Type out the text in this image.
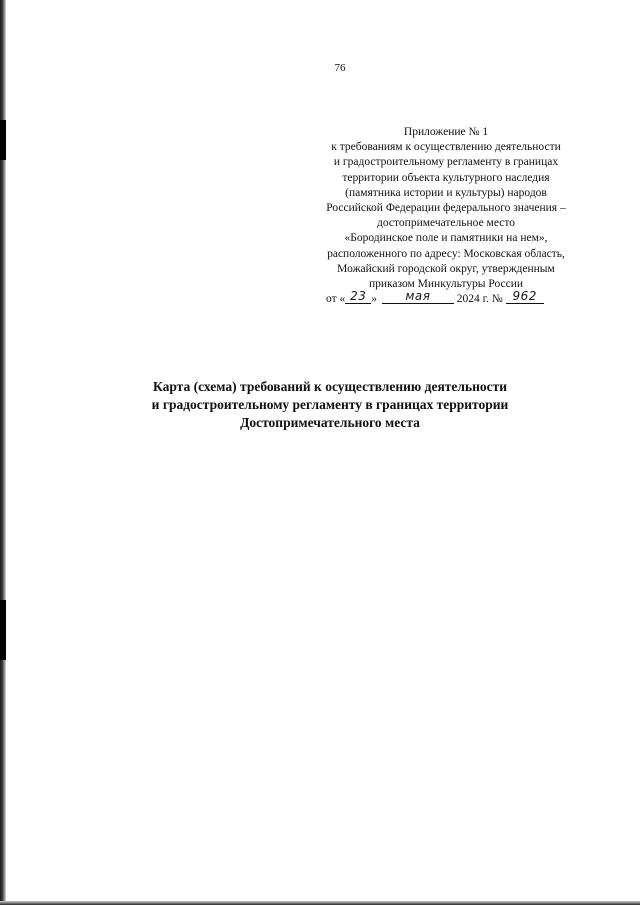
76
Приложение № 1
к требованиям к осуществлению деятельности
и градостроительному регламенту в границах
территории объекта культурного наследия
(памятника истории и культуры) народов
Российской Федерации федерального значения –
достопримечательное место
«Бородинское поле и памятники на нем»,
расположенного по адресу: Московская область,
Можайский городской округ, утвержденным
приказом Минкультуры России
от « 23 » мая 2024 г. № 962
Карта (схема) требований к осуществлению деятельности
и градостроительному регламенту в границах территории
Достопримечательного места
